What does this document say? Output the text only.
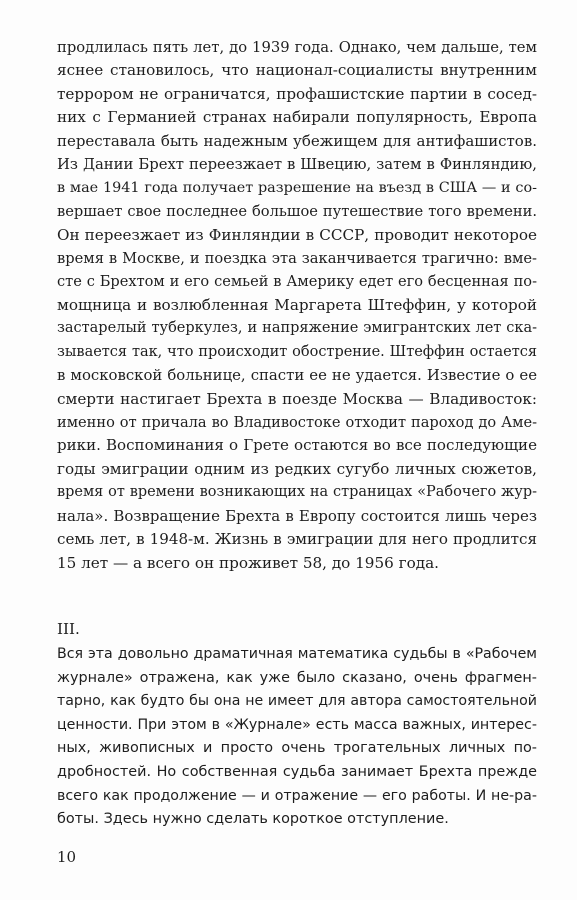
продлилась пять лет, до 1939 года. Однако, чем дальше, тем
яснее становилось, что национал-социалисты внутренним
террором не ограничатся, профашистские партии в сосед-
них с Германией странах набирали популярность, Европа
переставала быть надежным убежищем для антифашистов.
Из Дании Брехт переезжает в Швецию, затем в Финляндию,
в мае 1941 года получает разрешение на въезд в США — и со-
вершает свое последнее большое путешествие того времени.
Он переезжает из Финляндии в СССР, проводит некоторое
время в Москве, и поездка эта заканчивается трагично: вме-
сте с Брехтом и его семьей в Америку едет его бесценная по-
мощница и возлюбленная Маргарета Штеффин, у которой
застарелый туберкулез, и напряжение эмигрантских лет ска-
зывается так, что происходит обострение. Штеффин остается
в московской больнице, спасти ее не удается. Известие о ее
смерти настигает Брехта в поезде Москва — Владивосток:
именно от причала во Владивостоке отходит пароход до Аме-
рики. Воспоминания о Грете остаются во все последующие
годы эмиграции одним из редких сугубо личных сюжетов,
время от времени возникающих на страницах «Рабочего жур-
нала». Возвращение Брехта в Европу состоится лишь через
семь лет, в 1948-м. Жизнь в эмиграции для него продлится
15 лет — а всего он проживет 58, до 1956 года.
III.
Вся эта довольно драматичная математика судьбы в «Рабочем
журнале» отражена, как уже было сказано, очень фрагмен-
тарно, как будто бы она не имеет для автора самостоятельной
ценности. При этом в «Журнале» есть масса важных, интерес-
ных, живописных и просто очень трогательных личных по-
дробностей. Но собственная судьба занимает Брехта прежде
всего как продолжение — и отражение — его работы. И не-ра-
боты. Здесь нужно сделать короткое отступление.
10
